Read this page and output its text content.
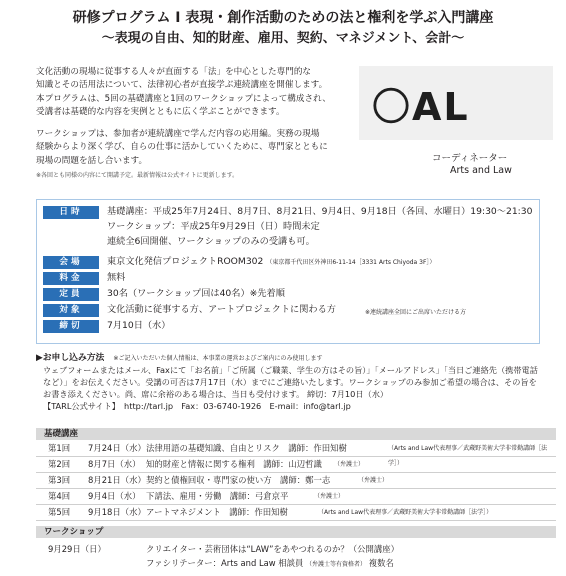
研修プログラム Ⅰ 表現・創作活動のための法と権利を学ぶ入門講座
〜表現の自由、知的財産、雇用、契約、マネジメント、会計〜
文化活動の現場に従事する人々が直面する「法」を中心とした専門的な
知識とその活用法について、法律初心者が直接学ぶ連続講座を開催します。
本プログラムは、5回の基礎講座と1回のワークショップによって構成され、
受講者は基礎的な内容を実例とともに広く学ぶことができます。
ワークショップは、参加者が連続講座で学んだ内容の応用編。実務の現場
経験からより深く学び、自らの仕事に活かしていくために、専門家とともに
現場の問題を話し合います。
※各回とも同様の内容にて開講予定。最新情報は公式サイトに更新します。
〇AL
コーディネーター
Arts and Law
日時	基礎講座：平成25年7月24日、8月7日、8月21日、9月4日、9月18日（各回、水曜日）19:30〜21:30
ワークショップ：平成25年9月29日（日）時間未定
連続全6回開催、ワークショップのみの受講も可。
会場	東京文化発信プロジェクトROOM302 （東京都千代田区外神田6-11-14［3331 Arts Chiyoda 3F］）
料金	無料
定員	30名（ワークショップ回は40名）※先着順
対象	文化活動に従事する方、アートプロジェクトに関わる方	※連続講座全回にご出席いただける方
締切	7月10日（水）
▶お申し込み方法 ※ご記入いただいた個人情報は、本事業の運営およびご案内にのみ使用します
ウェブフォームまたはメール、Faxにて「お名前」「ご所属（ご職業、学生の方はその旨）」「メールアドレス」「当日ご連絡先（携帯電話
など）」をお伝えください。受講の可否は7月17日（水）までにご連絡いたします。ワークショップのみ参加ご希望の場合は、その旨を
お書き添えください。尚、席に余裕のある場合は、当日も受付けます。 締切：7月10日（水）
【TARL公式サイト】　http://tarl.jp　Fax：03-6740-1926　E-mail：info@tarl.jp
基礎講座
第1回 7月24日（水） 法律用語の基礎知識、自由とリスク　講師：作田知樹	（Arts and Law代表理事／武蔵野美術大学非常勤講師［法学］）
第2回 8月7日（水） 知的財産と情報に関する権利　講師：山辺哲識 （弁護士）
第3回 8月21日（水） 契約と債権回収・専門家の使い方　講師：鄭一志	（弁護士）
第4回 9月4日（水） 下請法、雇用・労働　講師：弓倉京平	（弁護士）
第5回 9月18日（水） アートマネジメント　講師：作田知樹	（Arts and Law代表理事／武蔵野美術大学非常勤講師［法学］）
ワークショップ
9月29日（日）	クリエイター・芸術団体は“LAW”をあやつれるのか？（公開講座）
ファシリテーター：Arts and Law 相談員 （弁護士等有資格者） 複数名
